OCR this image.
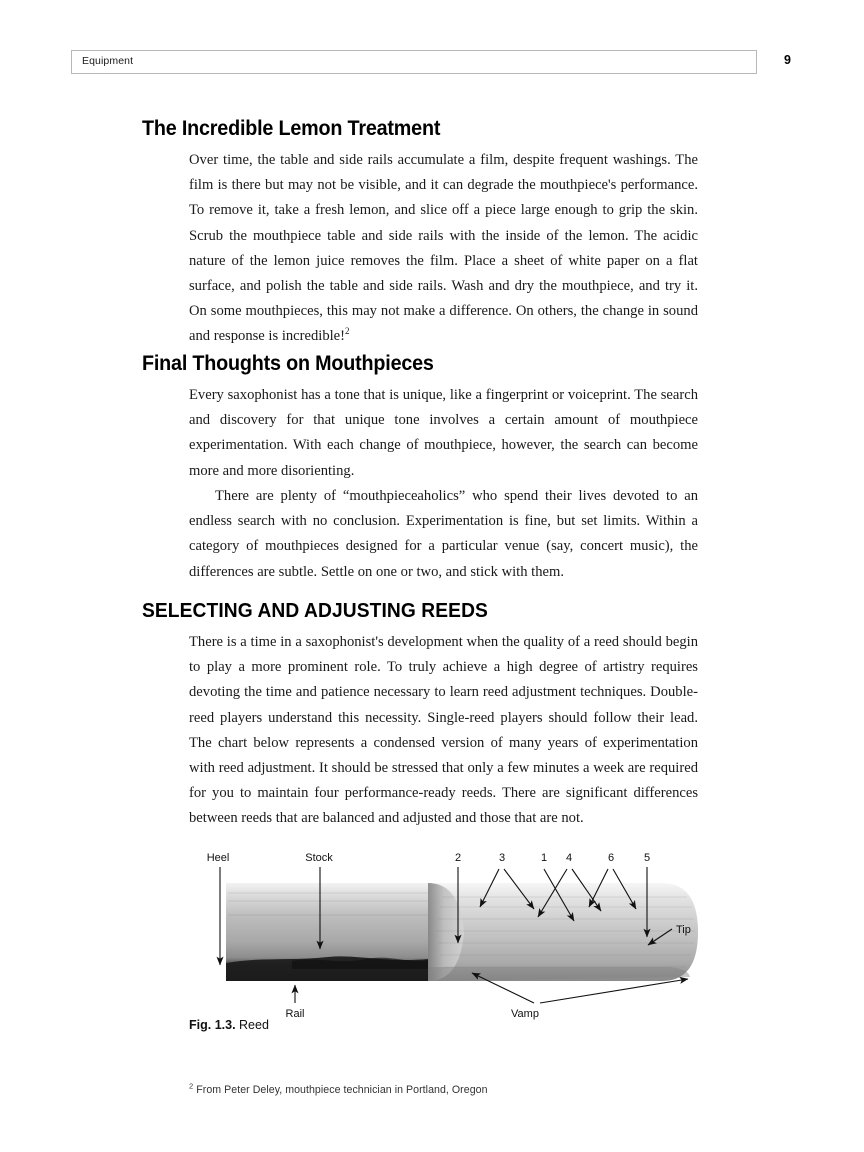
Equipment	9
The Incredible Lemon Treatment

Over time, the table and side rails accumulate a film, despite frequent washings. The film is there but may not be visible, and it can degrade the mouthpiece's performance. To remove it, take a fresh lemon, and slice off a piece large enough to grip the skin. Scrub the mouthpiece table and side rails with the inside of the lemon. The acidic nature of the lemon juice removes the film. Place a sheet of white paper on a flat surface, and polish the table and side rails. Wash and dry the mouthpiece, and try it. On some mouthpieces, this may not make a difference. On others, the change in sound and response is incredible!$^2$

Final Thoughts on Mouthpieces

Every saxophonist has a tone that is unique, like a fingerprint or voiceprint. The search and discovery for that unique tone involves a certain amount of mouthpiece experimentation. With each change of mouthpiece, however, the search can become more and more disorienting.

There are plenty of “mouthpieceaholics” who spend their lives devoted to an endless search with no conclusion. Experimentation is fine, but set limits. Within a category of mouthpieces designed for a particular venue (say, concert music), the differences are subtle. Settle on one or two, and stick with them.

SELECTING AND ADJUSTING REEDS

There is a time in a saxophonist's development when the quality of a reed should begin to play a more prominent role. To truly achieve a high degree of artistry requires devoting the time and patience necessary to learn reed adjustment techniques. Double-reed players understand this necessity. Single-reed players should follow their lead. The chart below represents a condensed version of many years of experimentation with reed adjustment. It should be stressed that only a few minutes a week are required for you to maintain four performance-ready reeds. There are significant differences between reeds that are balanced and adjusted and those that are not.

Heel	Stock	2	3	1 4	6	5
Rail	Vamp
Tip
Fig. 1.3. Reed
$^2$ From Peter Deley, mouthpiece technician in Portland, Oregon
